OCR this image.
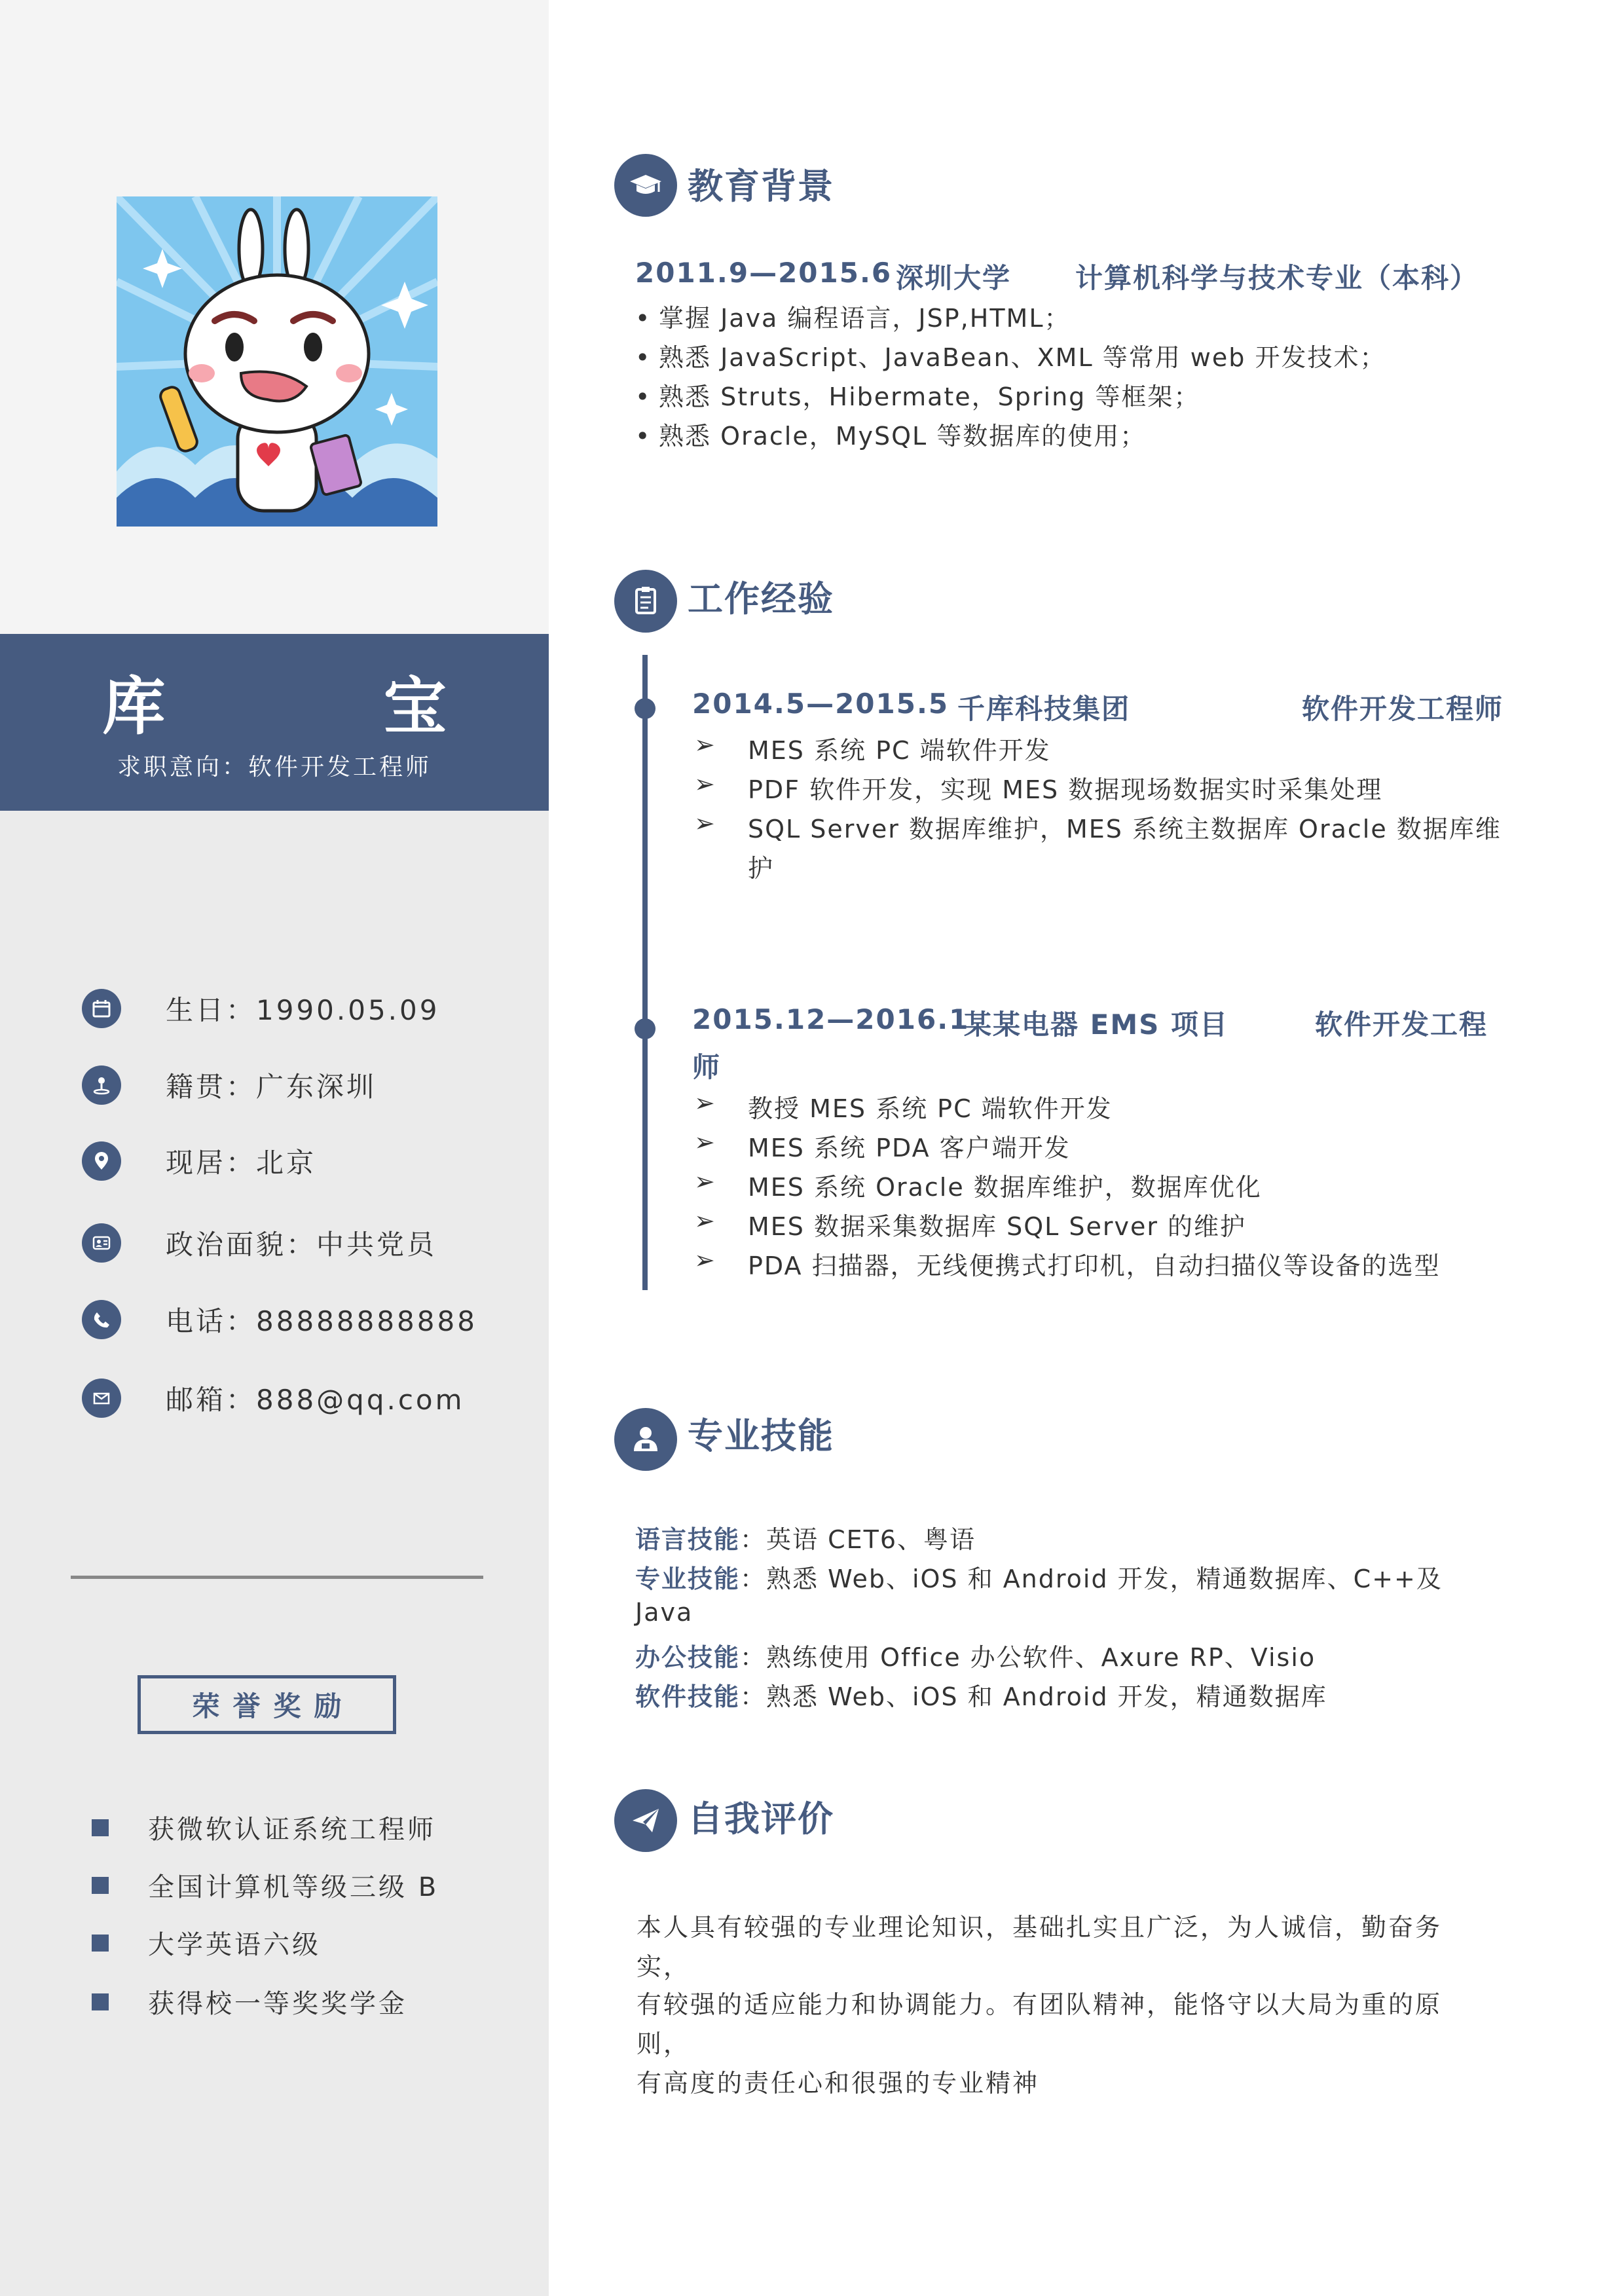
库 宝
求职意向：软件开发工程师
生日：1990.05.09
籍贯：广东深圳
现居：北京
政治面貌：中共党员
电话：88888888888
邮箱：888@qq.com
荣誉奖励
获微软认证系统工程师
全国计算机等级三级 B
大学英语六级
获得校一等奖奖学金
教育背景
2011.9—2015.6 深圳大学 计算机科学与技术专业（本科）
• 掌握 Java 编程语言，JSP,HTML；
• 熟悉 JavaScript、JavaBean、XML 等常用 web 开发技术；
• 熟悉 Struts，Hibermate，Spring 等框架；
• 熟悉 Oracle，MySQL 等数据库的使用；
工作经验
2014.5—2015.5 千库科技集团	软件开发工程师
➢ MES 系统 PC 端软件开发
➢ PDF 软件开发，实现 MES 数据现场数据实时采集处理
➢ SQL Server 数据库维护，MES 系统主数据库 Oracle 数据库维
护
2015.12—2016.1
某某电器 EMS 项目	软件开发工程
师
➢ 教授 MES 系统 PC 端软件开发
➢ MES 系统 PDA 客户端开发
➢ MES 系统 Oracle 数据库维护，数据库优化
➢ MES 数据采集数据库 SQL Server 的维护
➢ PDA 扫描器，无线便携式打印机，自动扫描仪等设备的选型
专业技能
语言技能：英语 CET6、粤语
专业技能：熟悉 Web、iOS 和 Android 开发，精通数据库、C++及
Java
办公技能：熟练使用 Office 办公软件、Axure RP、Visio
软件技能：熟悉 Web、iOS 和 Android 开发，精通数据库
自我评价
本人具有较强的专业理论知识，基础扎实且广泛，为人诚信，勤奋务
实，
有较强的适应能力和协调能力。有团队精神，能恪守以大局为重的原
则，
有高度的责任心和很强的专业精神
